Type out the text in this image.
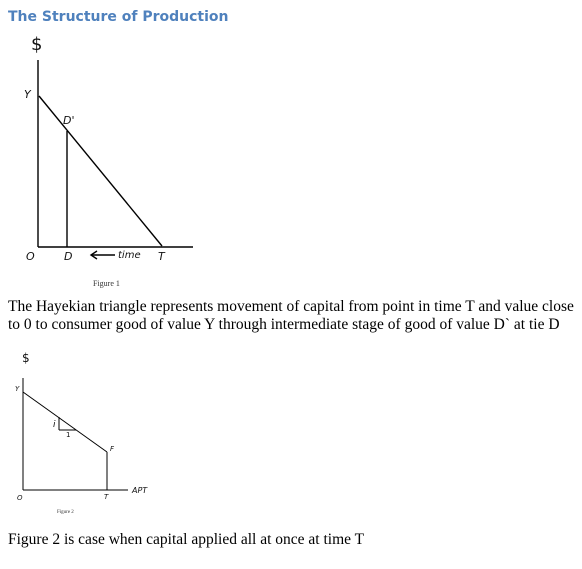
The Structure of Production
$
Y
D'
O	D	time T
Figure 1
The Hayekian triangle represents movement of capital from point in time T and value close to 0 to consumer good of value Y through intermediate stage of good of value D` at tie D
$
Y
i
1
F
APT
O	T
Figure 2
Figure 2 is case when capital applied all at once at time T
